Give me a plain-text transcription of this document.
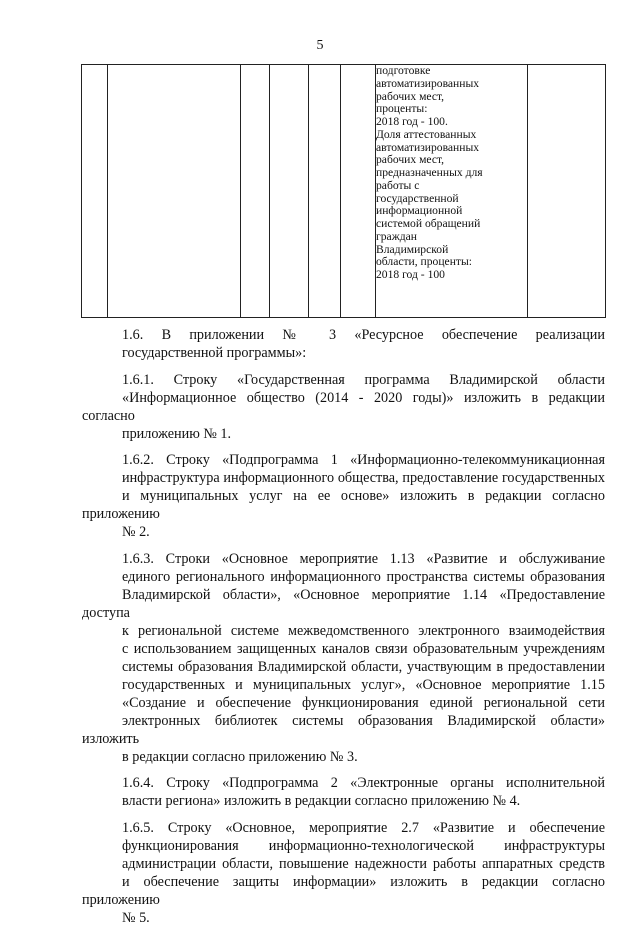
5

подготовке
автоматизированных
рабочих мест,
проценты:
2018 год - 100.
Доля аттестованных
автоматизированных
рабочих мест,
предназначенных для
работы с
государственной
информационной
системой обращений
граждан
Владимирской
области, проценты:
2018 год - 100

1.6. В приложении № 3 «Ресурсное обеспечение реализации
государственной программы»:

1.6.1. Строку «Государственная программа Владимирской области
«Информационное общество (2014 - 2020 годы)» изложить в редакции согласно
приложению № 1.

1.6.2. Строку «Подпрограмма 1 «Информационно-телекоммуникационная
инфраструктура информационного общества, предоставление государственных
и муниципальных услуг на ее основе» изложить в редакции согласно приложению
№ 2.

1.6.3. Строки «Основное мероприятие 1.13 «Развитие и обслуживание
единого регионального информационного пространства системы образования
Владимирской области», «Основное мероприятие 1.14 «Предоставление доступа
к региональной системе межведомственного электронного взаимодействия
с использованием защищенных каналов связи образовательным учреждениям
системы образования Владимирской области, участвующим в предоставлении
государственных и муниципальных услуг», «Основное мероприятие 1.15
«Создание и обеспечение функционирования единой региональной сети
электронных библиотек системы образования Владимирской области» изложить
в редакции согласно приложению № 3.

1.6.4. Строку «Подпрограмма 2 «Электронные органы исполнительной
власти региона» изложить в редакции согласно приложению № 4.

1.6.5. Строку «Основное, мероприятие 2.7 «Развитие и обеспечение
функционирования информационно-технологической инфраструктуры
администрации области, повышение надежности работы аппаратных средств
и обеспечение защиты информации» изложить в редакции согласно приложению
№ 5.
